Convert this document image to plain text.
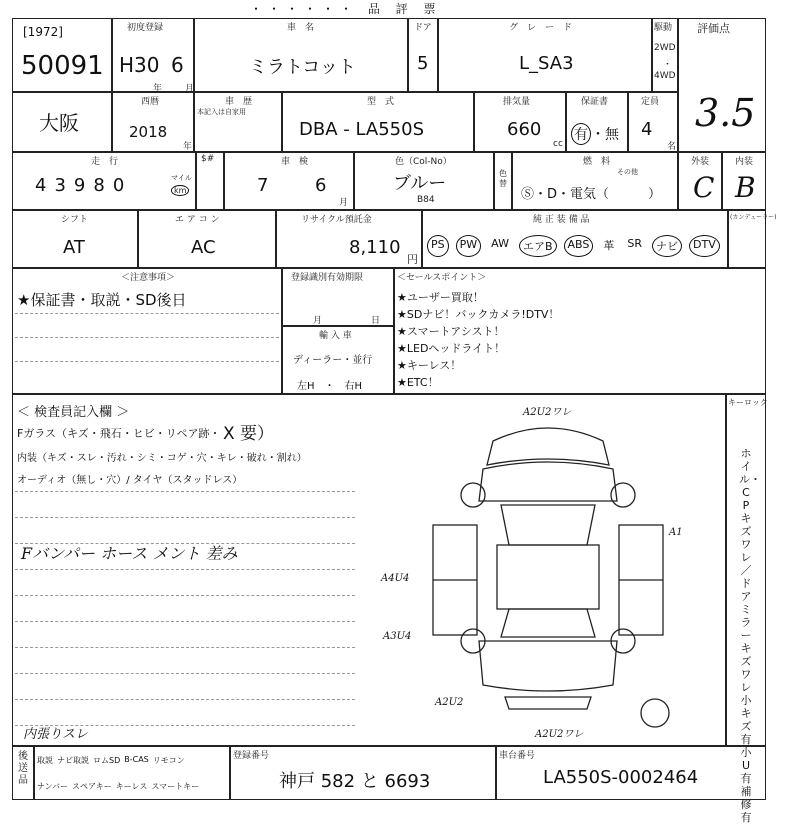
・・・・・・ 品 評 票
[1972]
50091
初度登録
H30 6
年	月
車　名
ミラトコット
ドア
5
グ　レ　ー　ド
L_SA3
駆動
2WD
・
4WD
評価点
3.5
大阪
西暦
2018
年
車　歴
本記入は自家用
型　式
DBA - LA550S
排気量
660
cc
保証書
有 ・無
定員
4
名
走　行
43980	マイル
km
$#	車　検
7	6
月
色（Col-No）
ブルー
B84
色替
燃　料
その他
Ⓢ・D・電気（　　　）
外装
C
内装
B
シフト
AT
エ ア コ ン
AC
リサイクル預託金
8,110
円
純 正 装 備 品
PS	PW	AW	エアB	ABS	革 SR	ナビ	DTV
(カンデューラー)
＜注意事項＞
★保証書・取説・SD後日
登録識別有効期限
月	日
輸 入 車
ディーラー・並行
左H　・　右H
＜セールスポイント＞
★ユーザー買取！
★SDナビ！バックカメラ!DTV！
★スマートアシスト！
★LEDヘッドライト！
★キーレス！
★ETC！
＜ 検査員記入欄 ＞
Fガラス（キズ・飛石・ヒビ・リペア跡・ X 要）
内装（キズ・スレ・汚れ・シミ・コゲ・穴・キレ・破れ・割れ）
オーディオ（無し・穴）/ タイヤ（スタッドレス）
Fバンパー ホース メント 差み
内張りスレ
A2U2ワレ
A1
A4U4
A3U4
A2U2
A2U2ワレ
キーロック
ホイル・CPキズ ワレ ／ドアミラーキズ ワレ 小キズ 有 小U 有 補修有
後送品
取説 ナビ取説 ロムSD B-CAS リモコン
ナンバー スペアキー キーレス スマートキー
登録番号
神戸 582 と 6693
車台番号
LA550S-0002464
